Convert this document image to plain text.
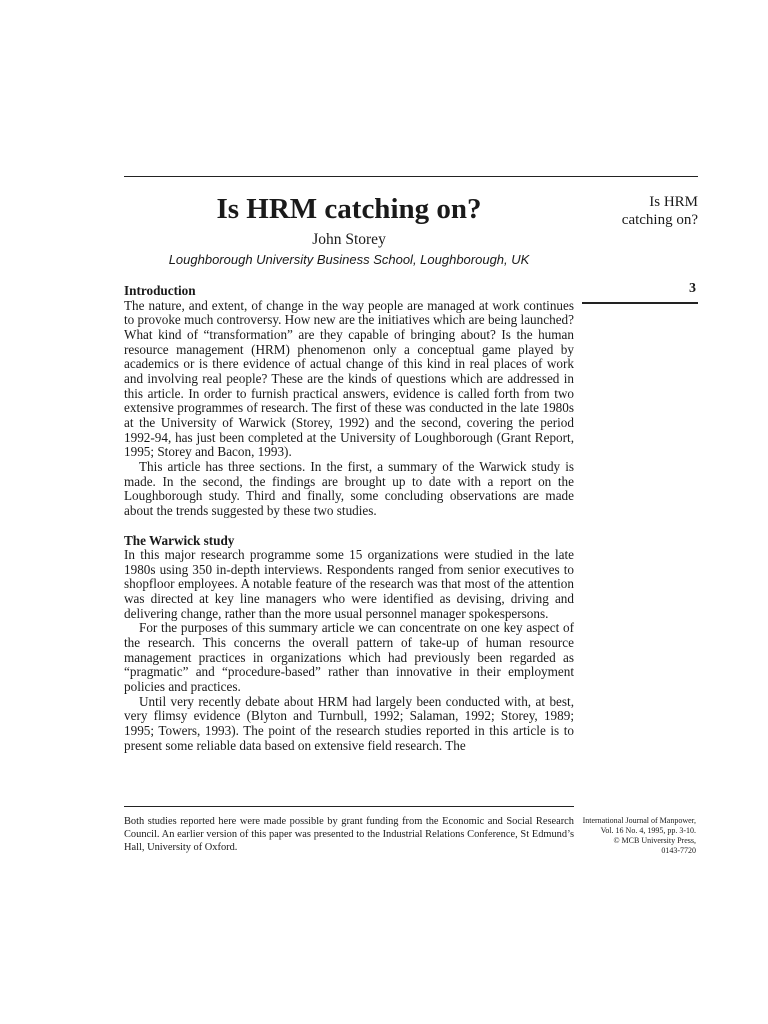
Is HRM catching on?
John Storey
Loughborough University Business School, Loughborough, UK
Is HRM
catching on?
3
Introduction

The nature, and extent, of change in the way people are managed at work continues to provoke much controversy. How new are the initiatives which are being launched? What kind of “transformation” are they capable of bringing about? Is the human resource management (HRM) phenomenon only a conceptual game played by academics or is there evidence of actual change of this kind in real places of work and involving real people? These are the kinds of questions which are addressed in this article. In order to furnish practical answers, evidence is called forth from two extensive programmes of research. The first of these was conducted in the late 1980s at the University of Warwick (Storey, 1992) and the second, covering the period 1992-94, has just been completed at the University of Loughborough (Grant Report, 1995; Storey and Bacon, 1993).

This article has three sections. In the first, a summary of the Warwick study is made. In the second, the findings are brought up to date with a report on the Loughborough study. Third and finally, some concluding observations are made about the trends suggested by these two studies.

The Warwick study

In this major research programme some 15 organizations were studied in the late 1980s using 350 in-depth interviews. Respondents ranged from senior executives to shopfloor employees. A notable feature of the research was that most of the attention was directed at key line managers who were identified as devising, driving and delivering change, rather than the more usual personnel manager spokespersons.

For the purposes of this summary article we can concentrate on one key aspect of the research. This concerns the overall pattern of take-up of human resource management practices in organizations which had previously been regarded as “pragmatic” and “procedure-based” rather than innovative in their employment policies and practices.

Until very recently debate about HRM had largely been conducted with, at best, very flimsy evidence (Blyton and Turnbull, 1992; Salaman, 1992; Storey, 1989; 1995; Towers, 1993). The point of the research studies reported in this article is to present some reliable data based on extensive field research. The

Both studies reported here were made possible by grant funding from the Economic and Social Research Council. An earlier version of this paper was presented to the Industrial Relations Conference, St Edmund’s Hall, University of Oxford.
International Journal of Manpower,
Vol. 16 No. 4, 1995, pp. 3-10.
© MCB University Press,
0143-7720
